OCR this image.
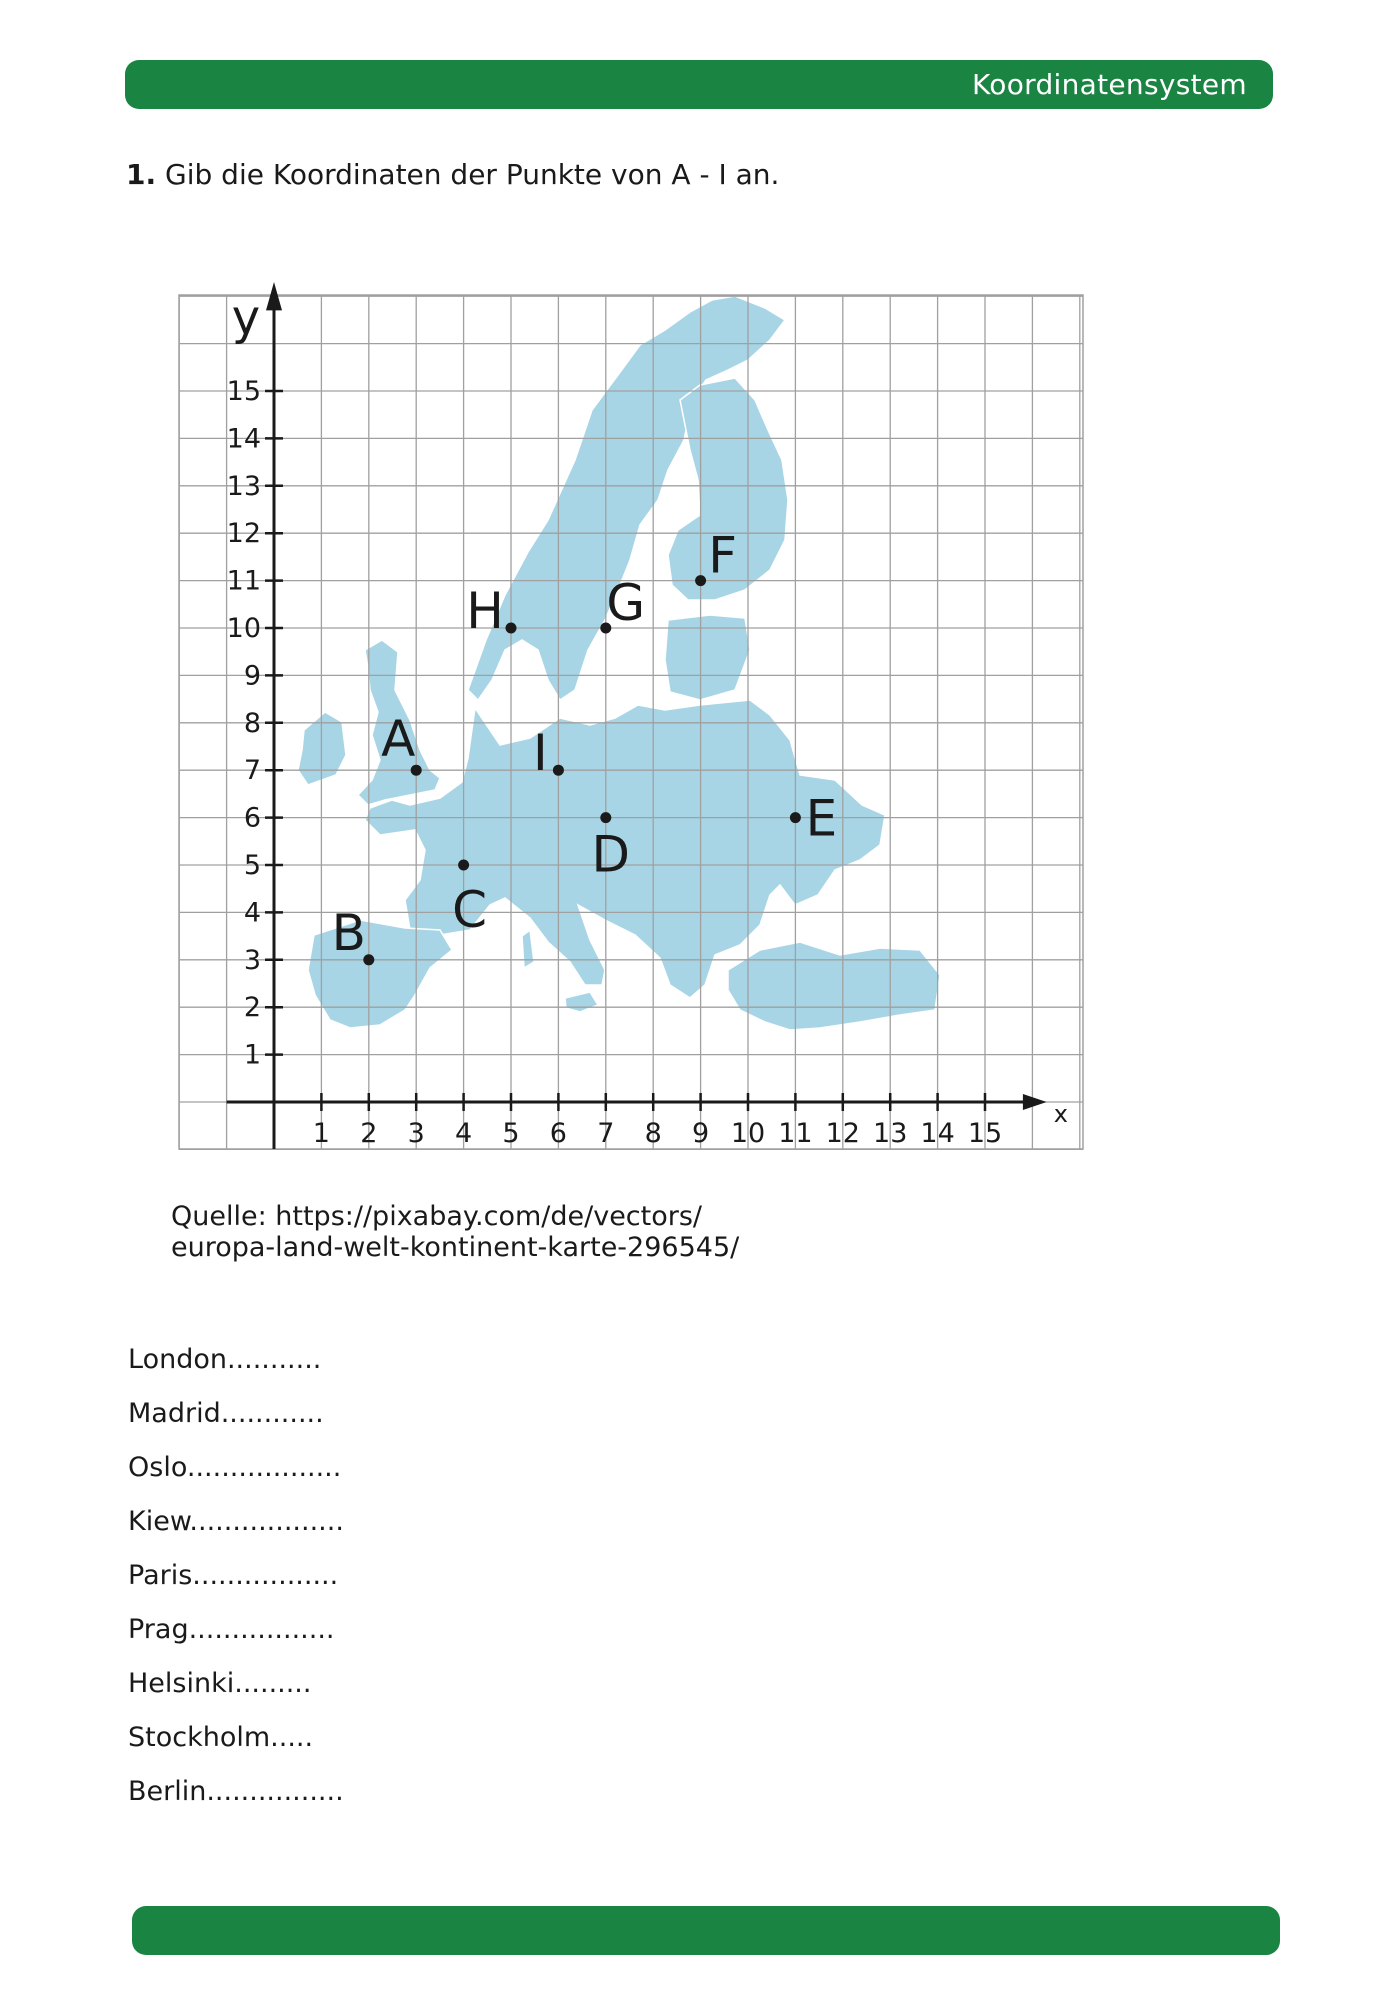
Koordinatensystem
1. Gib die Koordinaten der Punkte von A - I an.
1 2 3 4 5 6 7 8 9 10 11 12 13 14 15
1
2
3
4
5
6
7
8
9
10
11
12
13
14
15
x
y
A
B C
D
E
F
G
H
I
Quelle: https://pixabay.com/de/vectors/
europa-land-welt-kontinent-karte-296545/
London...........
Madrid............
Oslo..................
Kiew..................
Paris.................
Prag.................
Helsinki.........
Stockholm.....
Berlin................
